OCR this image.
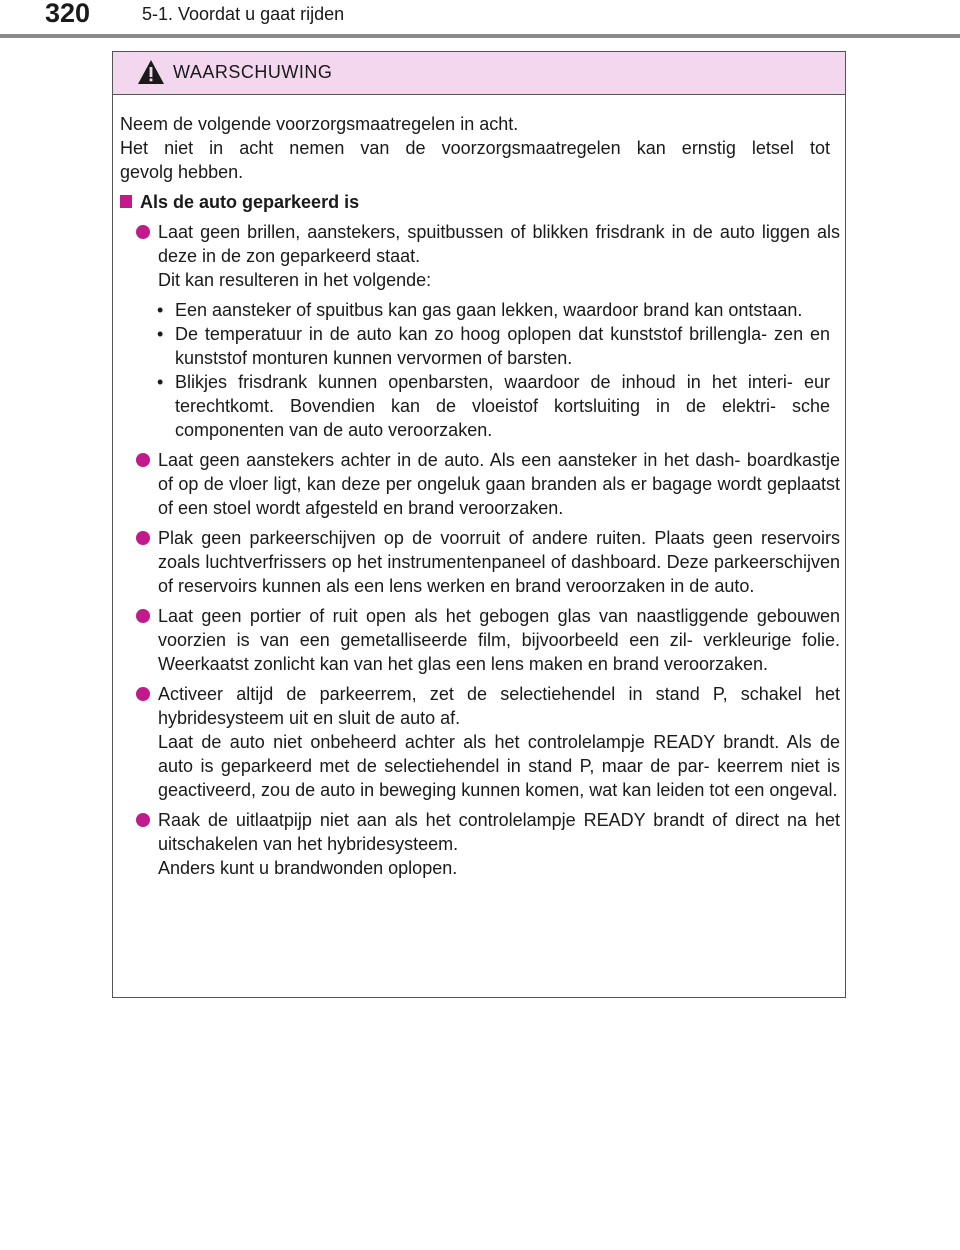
320	5-1. Voordat u gaat rijden
WAARSCHUWING
Neem de volgende voorzorgsmaatregelen in acht.
Het niet in acht nemen van de voorzorgsmaatregelen kan ernstig letsel tot
gevolg hebben.
Als de auto geparkeerd is
Laat geen brillen, aanstekers, spuitbussen of blikken frisdrank in de auto liggen als deze in de zon geparkeerd staat.
Dit kan resulteren in het volgende:
• Een aansteker of spuitbus kan gas gaan lekken, waardoor brand kan ontstaan.
• De temperatuur in de auto kan zo hoog oplopen dat kunststof brillengla- zen en kunststof monturen kunnen vervormen of barsten.
• Blikjes frisdrank kunnen openbarsten, waardoor de inhoud in het interi- eur terechtkomt. Bovendien kan de vloeistof kortsluiting in de elektri- sche componenten van de auto veroorzaken.
Laat geen aanstekers achter in de auto. Als een aansteker in het dash- boardkastje of op de vloer ligt, kan deze per ongeluk gaan branden als er bagage wordt geplaatst of een stoel wordt afgesteld en brand veroorzaken.
Plak geen parkeerschijven op de voorruit of andere ruiten. Plaats geen reservoirs zoals luchtverfrissers op het instrumentenpaneel of dashboard. Deze parkeerschijven of reservoirs kunnen als een lens werken en brand veroorzaken in de auto.
Laat geen portier of ruit open als het gebogen glas van naastliggende gebouwen voorzien is van een gemetalliseerde film, bijvoorbeeld een zil- verkleurige folie. Weerkaatst zonlicht kan van het glas een lens maken en brand veroorzaken.
Activeer altijd de parkeerrem, zet de selectiehendel in stand P, schakel het hybridesysteem uit en sluit de auto af.
Laat de auto niet onbeheerd achter als het controlelampje READY brandt. Als de auto is geparkeerd met de selectiehendel in stand P, maar de par- keerrem niet is geactiveerd, zou de auto in beweging kunnen komen, wat kan leiden tot een ongeval.
Raak de uitlaatpijp niet aan als het controlelampje READY brandt of direct na het uitschakelen van het hybridesysteem.
Anders kunt u brandwonden oplopen.
